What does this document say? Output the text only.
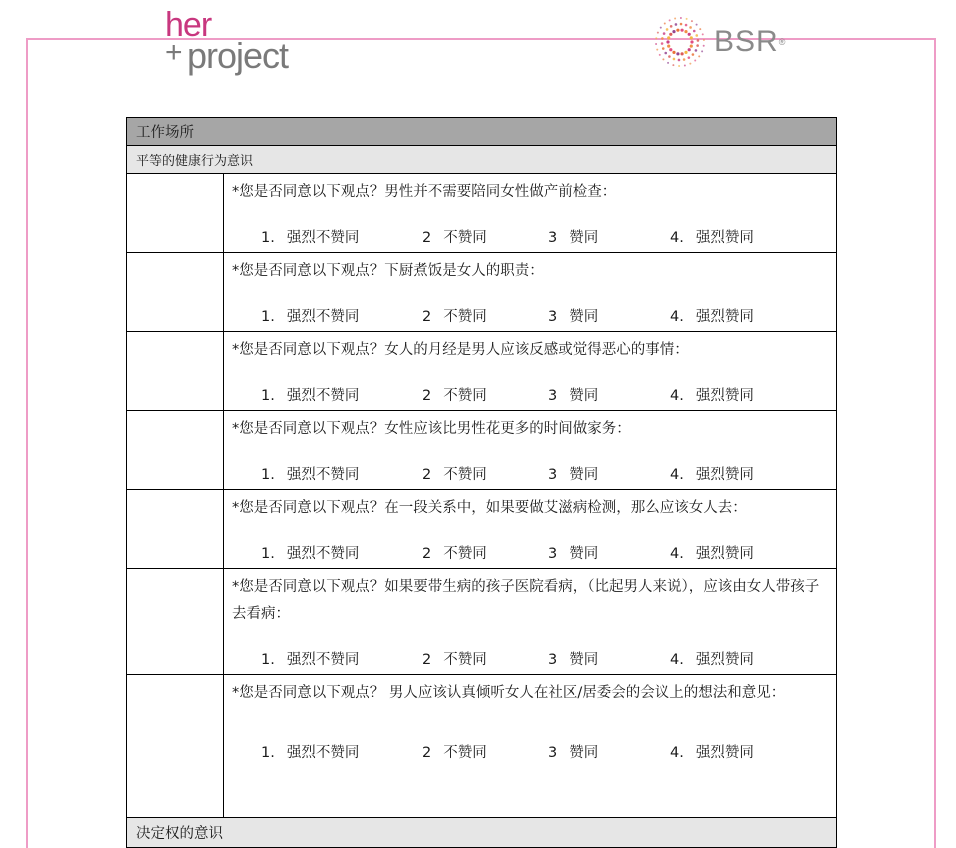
her
+ project	BSR®
工作场所	
平等的健康行为意识	

	*您是否同意以下观点？男性并不需要陪同女性做产前检查：

1. 强烈不赞同 2 不赞同 3 赞同 4. 强烈赞同

	*您是否同意以下观点？下厨煮饭是女人的职责：

1. 强烈不赞同 2 不赞同 3 赞同 4. 强烈赞同

	*您是否同意以下观点？女人的月经是男人应该反感或觉得恶心的事情：

1. 强烈不赞同 2 不赞同 3 赞同 4. 强烈赞同

	*您是否同意以下观点？女性应该比男性花更多的时间做家务：

1. 强烈不赞同 2 不赞同 3 赞同 4. 强烈赞同

	*您是否同意以下观点？在一段关系中，如果要做艾滋病检测，那么应该女人去：

1. 强烈不赞同 2 不赞同 3 赞同 4. 强烈赞同

	*您是否同意以下观点？如果要带生病的孩子医院看病，（比起男人来说），应该由女人带孩子去看病：

1. 强烈不赞同 2 不赞同 3 赞同 4. 强烈赞同

	*您是否同意以下观点？ 男人应该认真倾听女人在社区/居委会的会议上的想法和意见：

1. 强烈不赞同 2 不赞同 3 赞同 4. 强烈赞同

决定权的意识	
